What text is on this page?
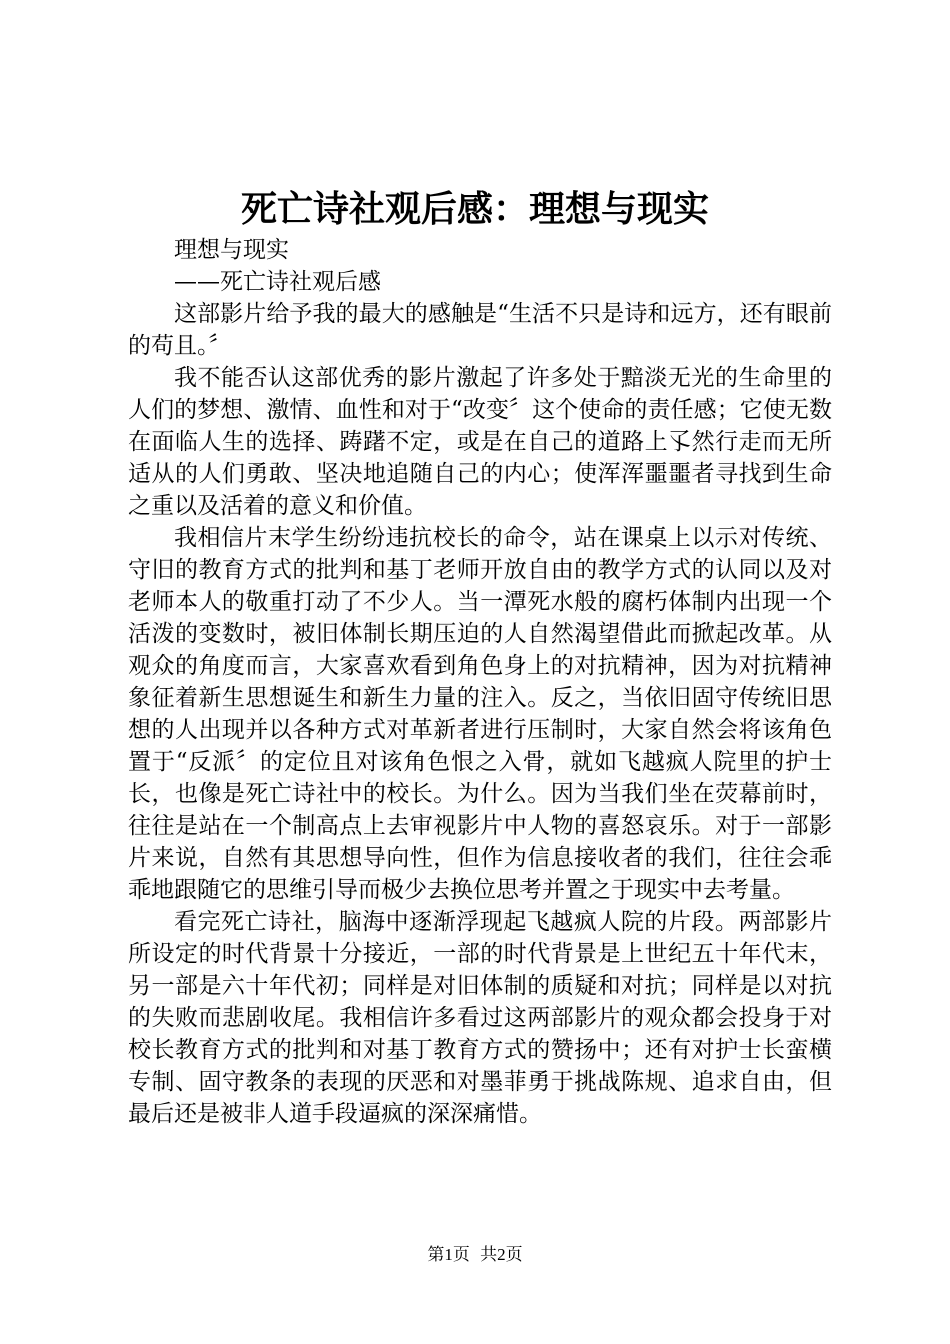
死亡诗社观后感：理想与现实

理想与现实

——死亡诗社观后感

这部影片给予我的最大的感触是“生活不只是诗和远方，还有眼前的苟且。〞

我不能否认这部优秀的影片激起了许多处于黯淡无光的生命里的人们的梦想、激情、血性和对于“改变〞这个使命的责任感；它使无数在面临人生的选择、踌躇不定，或是在自己的道路上孓然行走而无所适从的人们勇敢、坚决地追随自己的内心；使浑浑噩噩者寻找到生命之重以及活着的意义和价值。

我相信片末学生纷纷违抗校长的命令，站在课桌上以示对传统、守旧的教育方式的批判和基丁老师开放自由的教学方式的认同以及对老师本人的敬重打动了不少人。当一潭死水般的腐朽体制内出现一个活泼的变数时，被旧体制长期压迫的人自然渴望借此而掀起改革。从观众的角度而言，大家喜欢看到角色身上的对抗精神，因为对抗精神象征着新生思想诞生和新生力量的注入。反之，当依旧固守传统旧思想的人出现并以各种方式对革新者进行压制时，大家自然会将该角色置于“反派〞的定位且对该角色恨之入骨，就如飞越疯人院里的护士长，也像是死亡诗社中的校长。为什么。因为当我们坐在荧幕前时，往往是站在一个制高点上去审视影片中人物的喜怒哀乐。对于一部影片来说，自然有其思想导向性，但作为信息接收者的我们，往往会乖乖地跟随它的思维引导而极少去换位思考并置之于现实中去考量。

看完死亡诗社，脑海中逐渐浮现起飞越疯人院的片段。两部影片所设定的时代背景十分接近，一部的时代背景是上世纪五十年代末，另一部是六十年代初；同样是对旧体制的质疑和对抗；同样是以对抗的失败而悲剧收尾。我相信许多看过这两部影片的观众都会投身于对校长教育方式的批判和对基丁教育方式的赞扬中；还有对护士长蛮横专制、固守教条的表现的厌恶和对墨菲勇于挑战陈规、追求自由，但最后还是被非人道手段逼疯的深深痛惜。

第1页 共2页
